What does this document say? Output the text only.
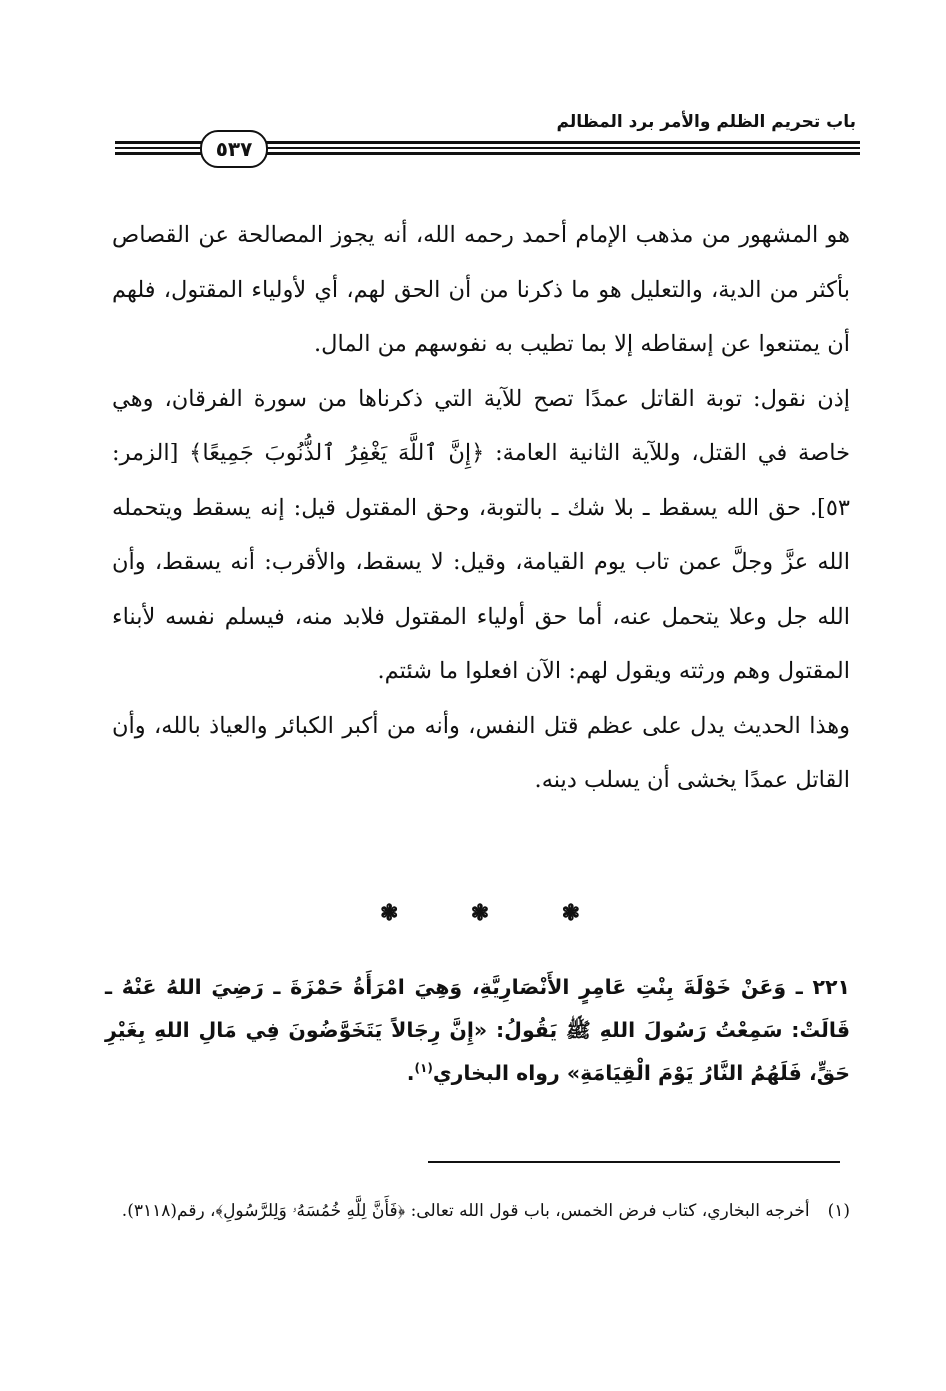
باب تحريم الظلم والأمر برد المظالم
٥٣٧

هو المشهور من مذهب الإمام أحمد رحمه الله، أنه يجوز المصالحة عن القصاص بأكثر من الدية، والتعليل هو ما ذكرنا من أن الحق لهم، أي لأولياء المقتول، فلهم أن يمتنعوا عن إسقاطه إلا بما تطيب به نفوسهم من المال.

إذن نقول: توبة القاتل عمدًا تصح للآية التي ذكرناها من سورة الفرقان، وهي خاصة في القتل، وللآية الثانية العامة: ﴿إِنَّ ٱللَّهَ يَغْفِرُ ٱلذُّنُوبَ جَمِيعًا﴾ [الزمر: ٥٣]. حق الله يسقط ـ بلا شك ـ بالتوبة، وحق المقتول قيل: إنه يسقط ويتحمله الله عزَّ وجلَّ عمن تاب يوم القيامة، وقيل: لا يسقط، والأقرب: أنه يسقط، وأن الله جل وعلا يتحمل عنه، أما حق أولياء المقتول فلابد منه، فيسلم نفسه لأبناء المقتول وهم ورثته ويقول لهم: الآن افعلوا ما شئتم.

وهذا الحديث يدل على عظم قتل النفس، وأنه من أكبر الكبائر والعياذ بالله، وأن القاتل عمدًا يخشى أن يسلب دينه.

❃	❃	❃

٢٢١ ـ وَعَنْ خَوْلَةَ بِنْتِ عَامِرٍ الأَنْصَارِيَّةِ، وَهِيَ امْرَأَةُ حَمْزَةَ ـ رَضِيَ اللهُ عَنْهُ ـ قَالَتْ: سَمِعْتُ رَسُولَ اللهِ ﷺ يَقُولُ: «إِنَّ رِجَالاً يَتَخَوَّضُونَ فِي مَالِ اللهِ بِغَيْرِ حَقٍّ، فَلَهُمُ النَّارُ يَوْمَ الْقِيَامَةِ» رواه البخاري$^{(١)}$.

(١)أخرجه البخاري، كتاب فرض الخمس، باب قول الله تعالى: ﴿فَأَنَّ لِلَّهِ خُمُسَهُۥ وَلِلرَّسُولِ﴾، رقم(٣١١٨).
